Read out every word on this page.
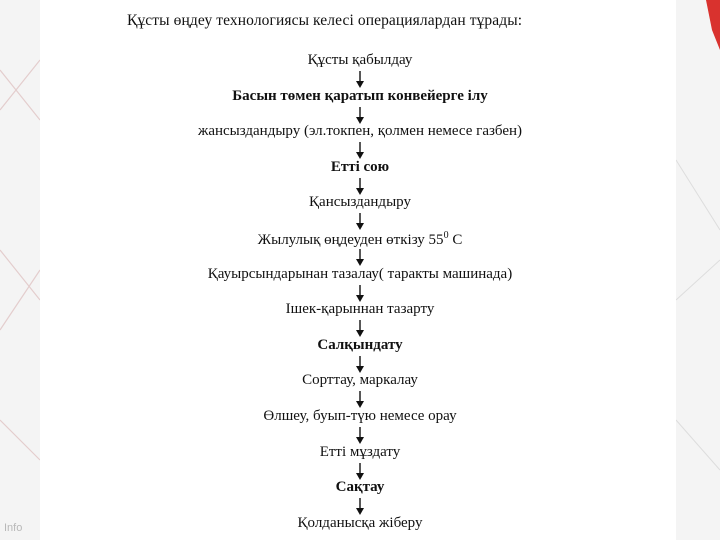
Құсты өңдеу технологиясы келесі операциялардан тұрады:
Құсты қабылдау
Басын төмен қаратып конвейерге ілу
жансыздандыру (эл.токпен, қолмен немесе газбен)
Етті сою
Қансыздандыру
Жылулық өңдеуден өткізу $55^0$ С
Қауырсындарынан тазалау( таракты машинада)
Ішек-қарыннан тазарту
Салқындату
Сорттау, маркалау
Өлшеу, буып-түю немесе орау
Етті мұздату
Сақтау
Қолданысқа жіберу
Info
